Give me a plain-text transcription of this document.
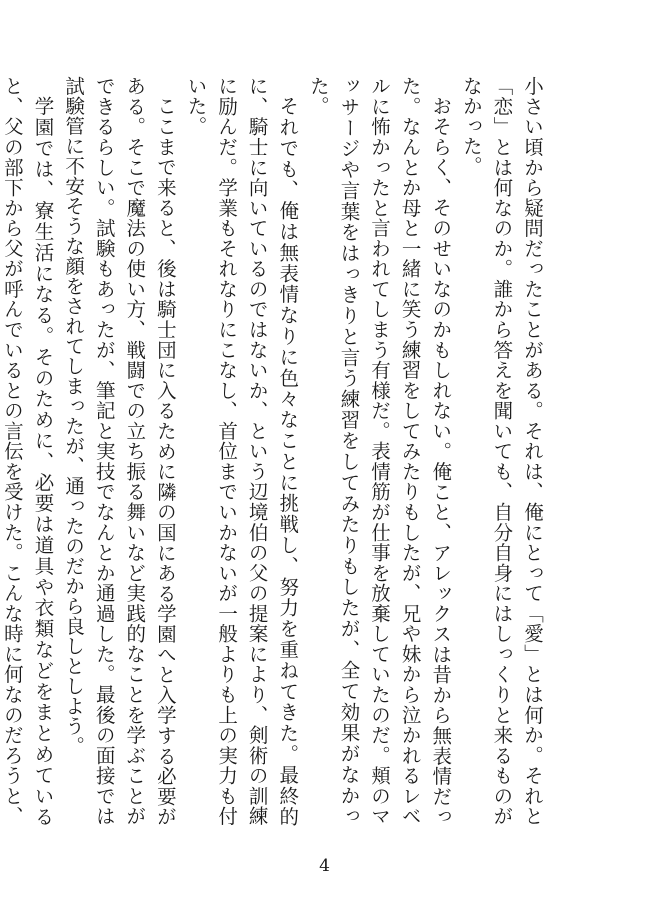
小さい頃から疑問だったことがある。それは、俺にとって「愛」とは何か。それと「恋」とは何なのか。誰から答えを聞いても、自分自身にはしっくりと来るものがなかった。

おそらく、そのせいなのかもしれない。俺こと、アレックスは昔から無表情だった。なんとか母と一緒に笑う練習をしてみたりもしたが、兄や妹から泣かれるレベルに怖かったと言われてしまう有様だ。表情筋が仕事を放棄していたのだ。頬のマッサージや言葉をはっきりと言う練習をしてみたりもしたが、全て効果がなかった。

それでも、俺は無表情なりに色々なことに挑戦し、努力を重ねてきた。最終的に、騎士に向いているのではないか、という辺境伯の父の提案により、剣術の訓練に励んだ。学業もそれなりにこなし、首位までいかないが一般よりも上の実力も付いた。

ここまで来ると、後は騎士団に入るために隣の国にある学園へと入学する必要がある。そこで魔法の使い方、戦闘での立ち振る舞いなど実践的なことを学ぶことができるらしい。試験もあったが、筆記と実技でなんとか通過した。最後の面接では試験管に不安そうな顔をされてしまったが、通ったのだから良しとしよう。

学園では、寮生活になる。そのために、必要は道具や衣類などをまとめていると、父の部下から父が呼んでいるとの言伝を受けた。こんな時に何なのだろうと、

4
